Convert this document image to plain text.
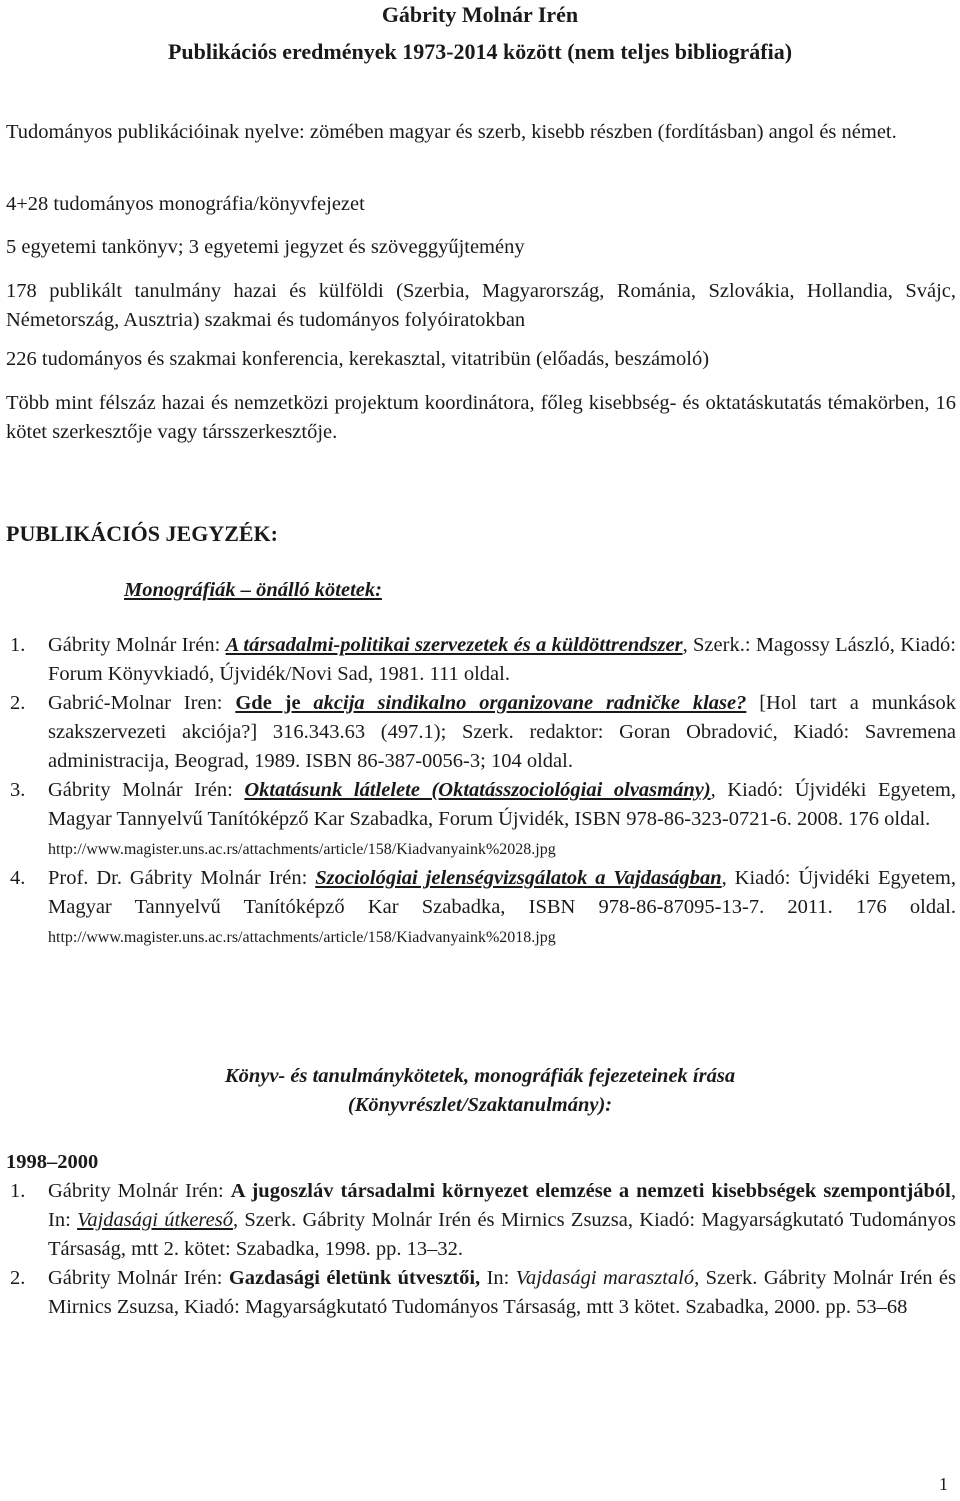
Gábrity Molnár Irén
Publikációs eredmények 1973-2014 között (nem teljes bibliográfia)

Tudományos publikációinak nyelve: zömében magyar és szerb, kisebb részben (fordításban) angol és német.

4+28 tudományos monográfia/könyvfejezet

5 egyetemi tankönyv; 3 egyetemi jegyzet és szöveggyűjtemény

178 publikált tanulmány hazai és külföldi (Szerbia, Magyarország, Románia, Szlovákia, Hollandia, Svájc, Németország, Ausztria) szakmai és tudományos folyóiratokban

226 tudományos és szakmai konferencia, kerekasztal, vitatribün (előadás, beszámoló)

Több mint félszáz hazai és nemzetközi projektum koordinátora, főleg kisebbség- és oktatáskutatás témakörben, 16 kötet szerkesztője vagy társszerkesztője.

PUBLIKÁCIÓS JEGYZÉK:
Monográfiák – önálló kötetek:
1. Gábrity Molnár Irén: A társadalmi-politikai szervezetek és a küldöttrendszer, Szerk.: Magossy László, Kiadó: Forum Könyvkiadó, Újvidék/Novi Sad, 1981. 111 oldal.
2. Gabrić-Molnar Iren: Gde je akcija sindikalno organizovane radničke klase? [Hol tart a munkások szakszervezeti akciója?] 316.343.63 (497.1); Szerk. redaktor: Goran Obradović, Kiadó: Savremena administracija, Beograd, 1989. ISBN 86-387-0056-3; 104 oldal.
3. Gábrity Molnár Irén: Oktatásunk látlelete (Oktatásszociológiai olvasmány), Kiadó: Újvidéki Egyetem, Magyar Tannyelvű Tanítóképző Kar Szabadka, Forum Újvidék, ISBN 978-86-323-0721-6. 2008. 176 oldal.
http://www.magister.uns.ac.rs/attachments/article/158/Kiadvanyaink%2028.jpg
4. Prof. Dr. Gábrity Molnár Irén: Szociológiai jelenségvizsgálatok a Vajdaságban, Kiadó: Újvidéki Egyetem, Magyar Tannyelvű Tanítóképző Kar Szabadka, ISBN 978-86-87095-13-7. 2011. 176 oldal. http://www.magister.uns.ac.rs/attachments/article/158/Kiadvanyaink%2018.jpg
Könyv- és tanulmánykötetek, monográfiák fejezeteinek írása
(Könyvrészlet/Szaktanulmány):
1998–2000
1. Gábrity Molnár Irén: A jugoszláv társadalmi környezet elemzése a nemzeti kisebbségek szempontjából, In: Vajdasági útkereső, Szerk. Gábrity Molnár Irén és Mirnics Zsuzsa, Kiadó: Magyarságkutató Tudományos Társaság, mtt 2. kötet: Szabadka, 1998. pp. 13–32.
2. Gábrity Molnár Irén: Gazdasági életünk útvesztői, In: Vajdasági marasztaló, Szerk. Gábrity Molnár Irén és Mirnics Zsuzsa, Kiadó: Magyarságkutató Tudományos Társaság, mtt 3 kötet. Szabadka, 2000. pp. 53–68
1
